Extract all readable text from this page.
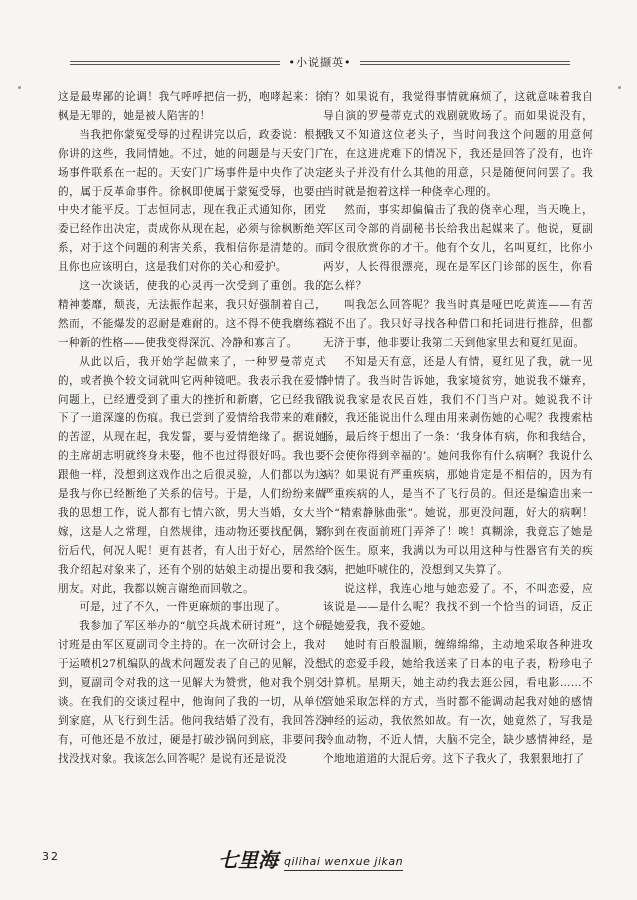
•小说撷英•

这是最卑鄙的论调！我气呼呼把信一扔，咆哮起来：徐枫是无罪的，她是被人陷害的！

当我把你蒙冤受辱的过程讲完以后，政委说：根据你讲的这些，我同情她。不过，她的问题是与天安门广场事件联系在一起的。天安门广场事件是中央作了决定的，属于反革命事件。徐枫即使属于蒙冤受辱，也要由中央才能平反。丁志恒同志，现在我正式通知你，团党委已经作出决定，责成你从现在起，必须与徐枫断绝关系，对于这个问题的利害关系，我相信你是清楚的。而且你也应该明白，这是我们对你的关心和爱护。

这一次谈话，使我的心灵再一次受到了重创。我的精神萎靡，颓丧，无法振作起来，我只好强制着自己，然而，不能爆发的忍耐是难耐的。这不得不使我磨练着一种新的性格——使我变得深沉、冷静和寡言了。

从此以后，我开始学起做来了，一种罗曼蒂克式的，或者换个较文词就叫它两种镜吧。我表示我在爱情问题上，已经遭受到了重大的挫折和新磨，它已经我留下了一道深邃的伤痕。我已尝到了爱情给我带来的难耐的苦涩，从现在起，我发誓，要与爱情绝缘了。据说她的主席胡志明就终身未娶，他不也过得很好吗。我也要跟他一样，没想到这戏作出之后很灵验，人们都以为这是我与你已经断绝了关系的信号。于是，人们纷纷来做我的思想工作，说人都有七情六欲，男大当婚，女大当嫁，这是人之常理，自然规律，违动物还要找配偶，繁衍后代，何况人呢！更有甚者，有人出于好心，居然给我介绍起对象来了，还有个别的姑娘主动提出要和我交朋友。对此，我都以婉言谢绝而回敬之。

可是，过了不久，一件更麻烦的事出现了。

我参加了军区举办的“航空兵战术研讨班”，这个研讨班是由军区夏副司令主持的。在一次研讨会上，我对于运喷机27机编队的战术问题发表了自己的见解，没想到，夏副司令对我的这一见解大为赞赏，他对我个别交谈。在我们的交谈过程中，他询问了我的一切，从单位到家庭，从飞行到生活。他问我结婚了没有，我回答没有，可他还是不放过，硬是打破沙锅问到底，非要问我找没找对象。我该怎么回答呢？是说有还是说没

有？如果说有，我觉得事情就麻烦了，这就意味着我自导自演的罗曼蒂克式的戏剧就败场了。而如果说没有，我又不知道这位老头子，当时问我这个问题的用意何在，在这进虎难下的情况下，我还是回答了没有，也许老头子并没有什么其他的用意，只是随便问问罢了。我当时就是抱着这样一种侥幸心理的。

然而，事实却偏偏击了我的侥幸心理，当天晚上，军区司令部的肖副秘书长给我出起媒来了。他说，夏副司令很欣赏你的才干。他有个女儿，名叫夏红，比你小两岁，人长得很漂亮，现在是军区门诊部的医生，你看怎么样？

叫我怎么回答呢？我当时真是哑巴吃黄连——有苦说不出了。我只好寻找各种借口和托词进行推辞，但都无济于事，他非要让我第二天到他家里去和夏红见面。

不知是天有意，还是人有情，夏红见了我，就一见钟情了。我当时告诉她，我家境贫穷，她说我不嫌弃，我说我家是农民百姓，我们不门当户对。她说我不计较，我还能说出什么理由用来剥伤她的心呢？我搜索枯肠，最后终于想出了一条：‘我身体有病，你和我结合，不会使你得到幸福的’。她问我你有什么病啊？我说什么病？如果说有严重疾病，那她肯定是不相信的，因为有严重疾病的人，是当不了飞行员的。但还是编造出来一个“精索静脉曲张”。她说，那更没问题，好大的病啊！你到在夜面前班门弄斧了！唉！真糊涂，我竟忘了她是个医生。原来，我满以为可以用这种与性器官有关的疾病，把她吓唬住的，没想到又失算了。

说这样，我连心地与她恋爱了。不，不叫恋爱，应该说是——是什么呢？我找不到一个恰当的词语，反正是她爱我，我不爱她。

她时有百般温顺，缠绵绵绵，主动地采取各种进攻式的恋爱手段，她给我送来了日本的电子表，粉珍电子计算机。星期天，她主动约我去逛公园，看电影……不管她采取怎样的方式，当时都不能调动起我对她的感情神经的运动，我依然如故。有一次，她竟然了，写我是冷血动物，不近人情，大脑不完全，缺少感情神经，是个地地道道的大混后旁。这下子我火了，我狠狠地打了

32	七里海 qilihai wenxue jikan
